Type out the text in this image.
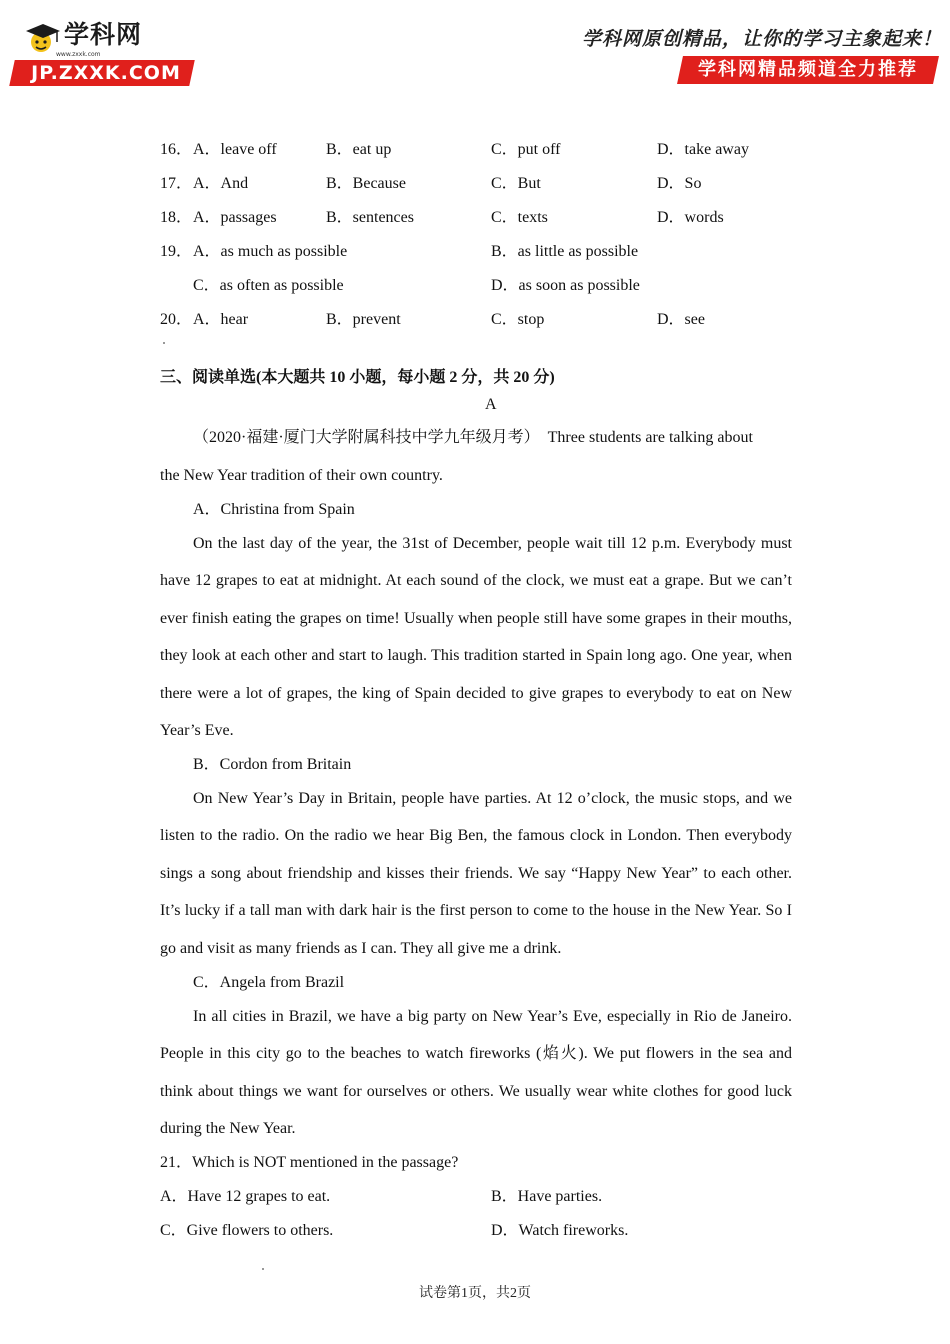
学科网
www.zxxk.com
JP.ZXXK.COM
学科网原创精品，让你的学习主象起来！
学科网精品频道全力推荐
16． A．leave off	B．eat up	C．put off	D．take away
17． A．And	B．Because	C．But	D．So
18． A．passages	B．sentences	C．texts	D．words
19． A．as much as possible	B．as little as possible
C．as often as possible	D．as soon as possible
20． A．hear	B．prevent	C．stop	D．see
三、阅读单选(本大题共 10 小题，每小题 2 分，共 20 分)
A
（2020·福建·厦门大学附属科技中学九年级月考）　Three students are talking about
the New Year tradition of their own country.
A．Christina from Spain
On the last day of the year, the 31st of December, people wait till 12 p.m. Everybody must have 12 grapes to eat at midnight. At each sound of the clock, we must eat a grape. But we can’t ever finish eating the grapes on time! Usually when people still have some grapes in their mouths, they look at each other and start to laugh. This tradition started in Spain long ago. One year, when there were a lot of grapes, the king of Spain decided to give grapes to everybody to eat on New Year’s Eve.
B．Cordon from Britain
On New Year’s Day in Britain, people have parties. At 12 o’clock, the music stops, and we listen to the radio. On the radio we hear Big Ben, the famous clock in London. Then everybody sings a song about friendship and kisses their friends. We say “Happy New Year” to each other. It’s lucky if a tall man with dark hair is the first person to come to the house in the New Year. So I go and visit as many friends as I can. They all give me a drink.
C．Angela from Brazil
In all cities in Brazil, we have a big party on New Year’s Eve, especially in Rio de Janeiro. People in this city go to the beaches to watch fireworks (焰火). We put flowers in the sea and think about things we want for ourselves or others. We usually wear white clothes for good luck during the New Year.
21．Which is NOT mentioned in the passage?
A．Have 12 grapes to eat.	B．Have parties.
C．Give flowers to others.	D．Watch fireworks.
试卷第1页，共2页
